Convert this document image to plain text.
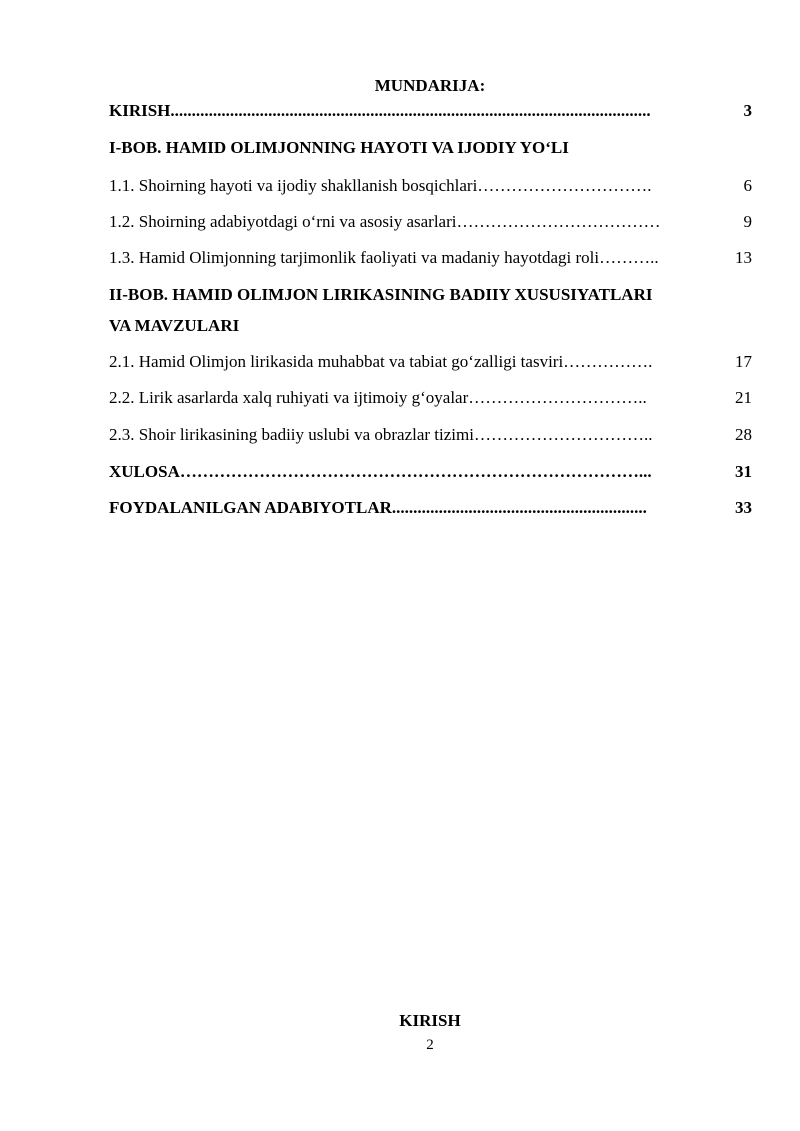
MUNDARIJA:
KIRISH.................................................................................................................	3
I-BOB. HAMID OLIMJONNING HAYOTI VA IJODIY YO‘LI
1.1. Shoirning hayoti va ijodiy shakllanish bosqichlari………………………….	6
1.2. Shoirning adabiyotdagi o‘rni va asosiy asarlari………………………………	9
1.3. Hamid Olimjonning tarjimonlik faoliyati va madaniy hayotdagi roli………..	13
II-BOB. HAMID OLIMJON LIRIKASINING BADIIY XUSUSIYATLARI
VA MAVZULARI
2.1. Hamid Olimjon lirikasida muhabbat va tabiat go‘zalligi tasviri…………….	17
2.2. Lirik asarlarda xalq ruhiyati va ijtimoiy g‘oyalar…………………………..	21
2.3. Shoir lirikasining badiiy uslubi va obrazlar tizimi…………………………..	28
XULOSA………………………………………………………………………...	31
FOYDALANILGAN ADABIYOTLAR............................................................	33
KIRISH
2
